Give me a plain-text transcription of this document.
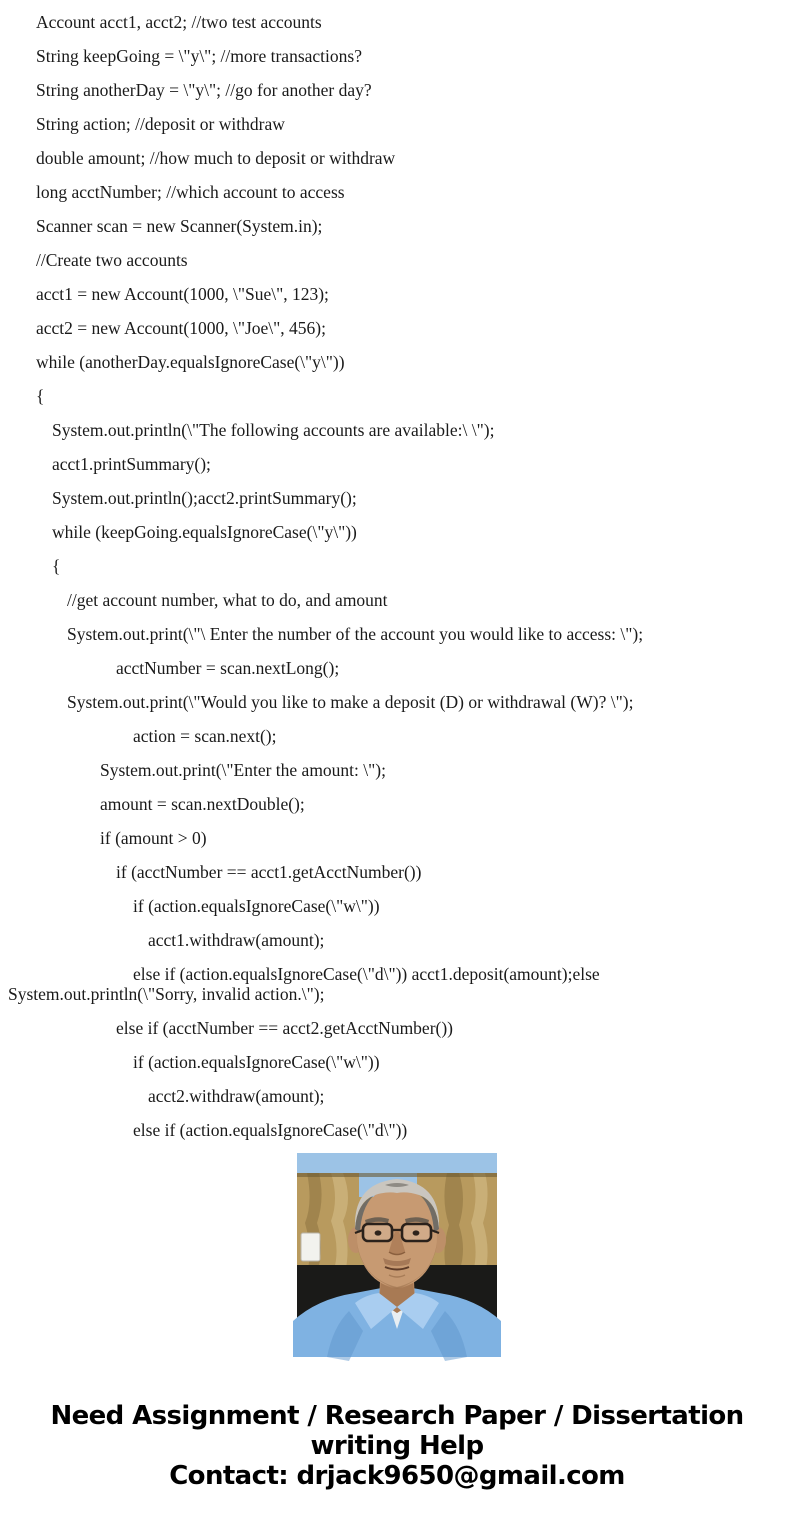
Account acct1, acct2; //two test accounts
String keepGoing = \"y\"; //more transactions?
String anotherDay = \"y\"; //go for another day?
String action; //deposit or withdraw
double amount; //how much to deposit or withdraw
long acctNumber; //which account to access
Scanner scan = new Scanner(System.in);
//Create two accounts
acct1 = new Account(1000, \"Sue\", 123);
acct2 = new Account(1000, \"Joe\", 456);
while (anotherDay.equalsIgnoreCase(\"y\"))
{
System.out.println(\"The following accounts are available:\ \");
acct1.printSummary();
System.out.println();acct2.printSummary();
while (keepGoing.equalsIgnoreCase(\"y\"))
{
//get account number, what to do, and amount
System.out.print(\"\ Enter the number of the account you would like to access: \");
acctNumber = scan.nextLong();
System.out.print(\"Would you like to make a deposit (D) or withdrawal (W)? \");
action = scan.next();
System.out.print(\"Enter the amount: \");
amount = scan.nextDouble();
if (amount > 0)
if (acctNumber == acct1.getAcctNumber())
if (action.equalsIgnoreCase(\"w\"))
acct1.withdraw(amount);
else if (action.equalsIgnoreCase(\"d\")) acct1.deposit(amount);else System.out.println(\"Sorry, invalid action.\");
else if (acctNumber == acct2.getAcctNumber())
if (action.equalsIgnoreCase(\"w\"))
acct2.withdraw(amount);
else if (action.equalsIgnoreCase(\"d\"))
Need Assignment / Research Paper / Dissertation
writing Help
Contact: drjack9650@gmail.com
